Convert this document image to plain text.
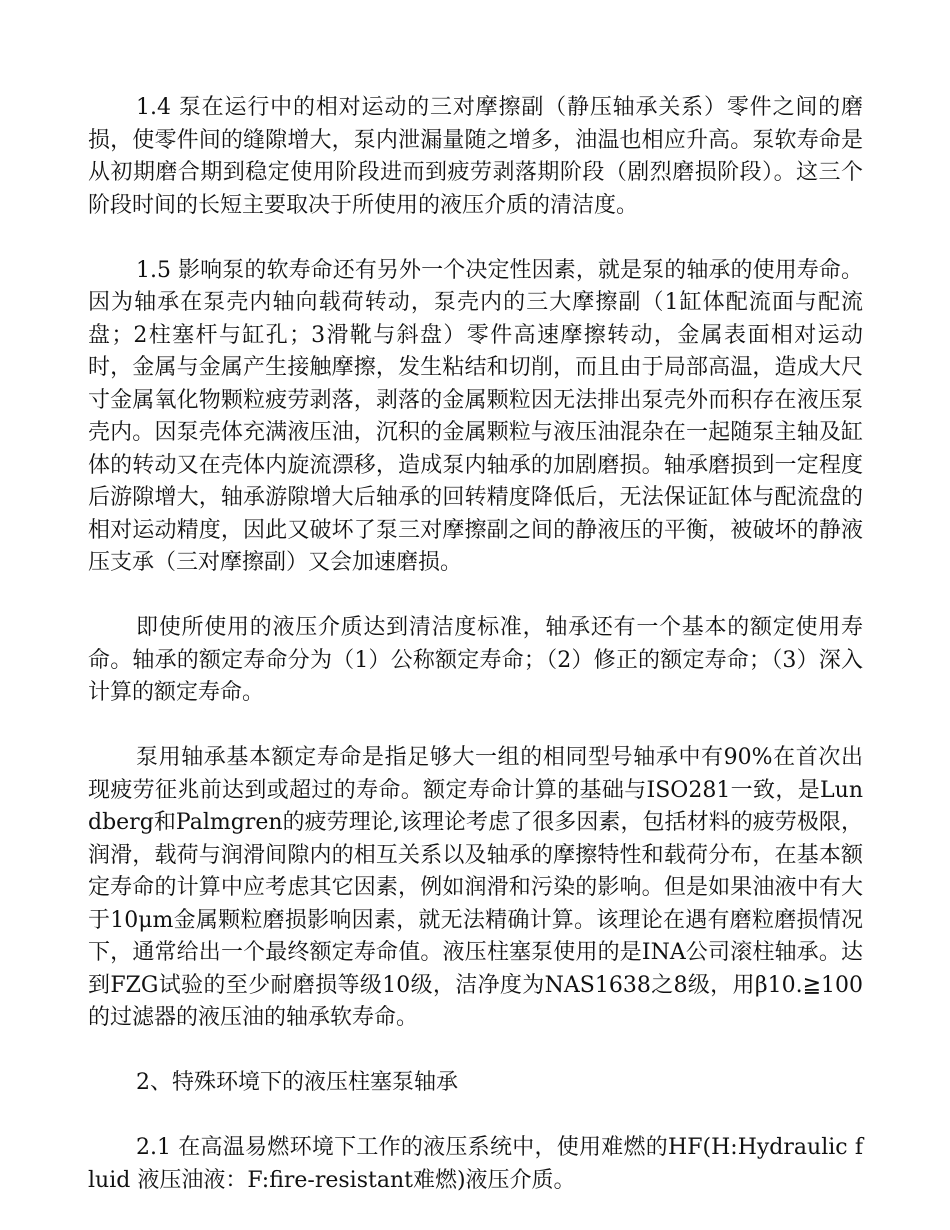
1.4 泵在运行中的相对运动的三对摩擦副（静压轴承关系）零件之间的磨损，使零件间的缝隙增大，泵内泄漏量随之增多，油温也相应升高。泵软寿命是从初期磨合期到稳定使用阶段进而到疲劳剥落期阶段（剧烈磨损阶段）。这三个阶段时间的长短主要取决于所使用的液压介质的清洁度。

1.5 影响泵的软寿命还有另外一个决定性因素，就是泵的轴承的使用寿命。因为轴承在泵壳内轴向载荷转动，泵壳内的三大摩擦副（1缸体配流面与配流盘；2柱塞杆与缸孔；3滑靴与斜盘）零件高速摩擦转动，金属表面相对运动时，金属与金属产生接触摩擦，发生粘结和切削，而且由于局部高温，造成大尺寸金属氧化物颗粒疲劳剥落，剥落的金属颗粒因无法排出泵壳外而积存在液压泵壳内。因泵壳体充满液压油，沉积的金属颗粒与液压油混杂在一起随泵主轴及缸体的转动又在壳体内旋流漂移，造成泵内轴承的加剧磨损。轴承磨损到一定程度后游隙增大，轴承游隙增大后轴承的回转精度降低后，无法保证缸体与配流盘的相对运动精度，因此又破坏了泵三对摩擦副之间的静液压的平衡，被破坏的静液压支承（三对摩擦副）又会加速磨损。

即使所使用的液压介质达到清洁度标准，轴承还有一个基本的额定使用寿命。轴承的额定寿命分为（1）公称额定寿命；（2）修正的额定寿命；（3）深入计算的额定寿命。

泵用轴承基本额定寿命是指足够大一组的相同型号轴承中有90%在首次出现疲劳征兆前达到或超过的寿命。额定寿命计算的基础与ISO281一致，是Lundberg和Palmgren的疲劳理论,该理论考虑了很多因素，包括材料的疲劳极限，润滑，载荷与润滑间隙内的相互关系以及轴承的摩擦特性和载荷分布，在基本额定寿命的计算中应考虑其它因素，例如润滑和污染的影响。但是如果油液中有大于10μm金属颗粒磨损影响因素，就无法精确计算。该理论在遇有磨粒磨损情况下，通常给出一个最终额定寿命值。液压柱塞泵使用的是INA公司滚柱轴承。达到FZG试验的至少耐磨损等级10级，洁净度为NAS1638之8级，用β10.≧100的过滤器的液压油的轴承软寿命。

2、特殊环境下的液压柱塞泵轴承

2.1 在高温易燃环境下工作的液压系统中，使用难燃的HF(H:Hydraulic fluid 液压油液：F:fire-resistant难燃)液压介质。
